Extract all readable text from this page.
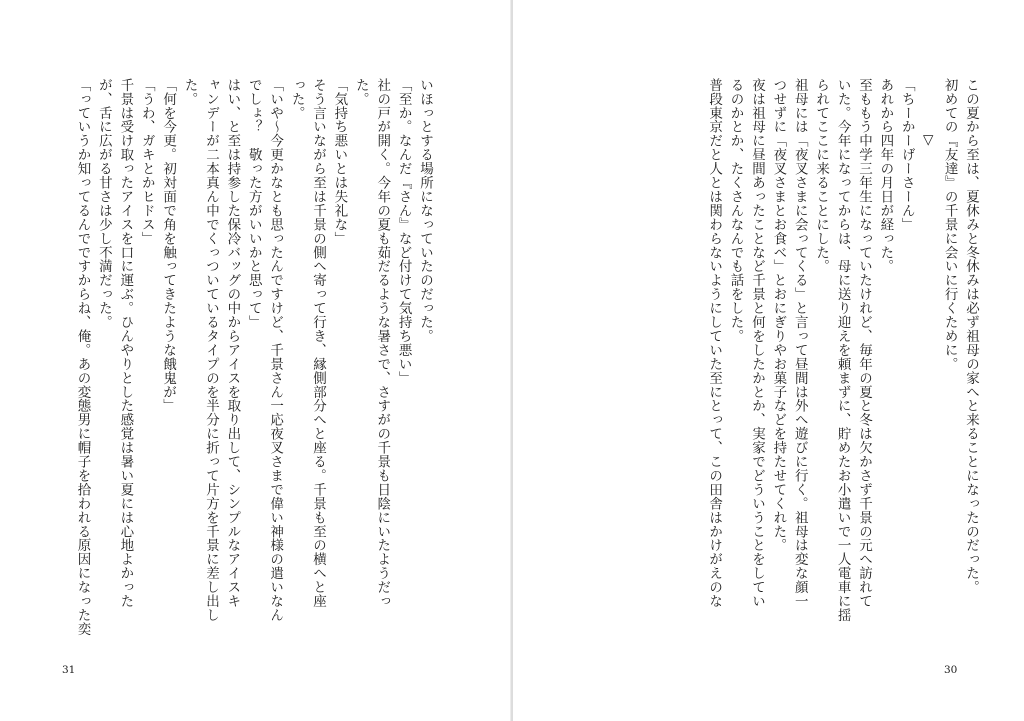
いほっとする場所になっていたのだった。
「至か。なんだ『さん』など付けて気持ち悪い」
社の戸が開く。今年の夏も茹だるような暑さで、さすがの千景も日陰にいたようだっ
た。
「気持ち悪いとは失礼な」
そう言いながら至は千景の側へ寄って行き、縁側部分へと座る。千景も至の横へと座
った。
「いや〜今更かなとも思ったんですけど、千景さん一応夜叉さまで偉い神様の遣いなん
でしょ？　敬った方がいいかと思って」
はい、と至は持参した保冷バッグの中からアイスを取り出して、シンプルなアイスキ
ャンデーが二本真ん中でくっついているタイプのを半分に折って片方を千景に差し出し
た。
「何を今更。初対面で角を触ってきたような餓鬼が」
「うわ、ガキとかヒドス」
千景は受け取ったアイスを口に運ぶ。ひんやりとした感覚は暑い夏には心地よかった
が、舌に広がる甘さは少し不満だった。
「っていうか知ってるんでですからね、俺。あの変態男に帽子を拾われる原因になった奕
31
この夏から至は、夏休みと冬休みは必ず祖母の家へと来ることになったのだった。
初めての『友達』の千景に会いに行くために。
▽
「ちーかーげーさーん」
あれから四年の月日が経った。
至ももう中学三年生になっていたけれど、毎年の夏と冬は欠かさず千景の元へ訪れて
いた。今年になってからは、母に送り迎えを頼まずに、貯めたお小遣いで一人電車に揺
られてここに来ることにした。
祖母には「夜叉さまに会ってくる」と言って昼間は外へ遊びに行く。祖母は変な顔一
つせずに「夜叉さまとお食べ」とおにぎりやお菓子などを持たせてくれた。
夜は祖母に昼間あったことなど千景と何をしたかとか、実家でどういうことをしてい
るのかとか、たくさんなんでも話をした。
普段東京だと人とは関わらないようにしていた至にとって、この田舎はかけがえのな
30
